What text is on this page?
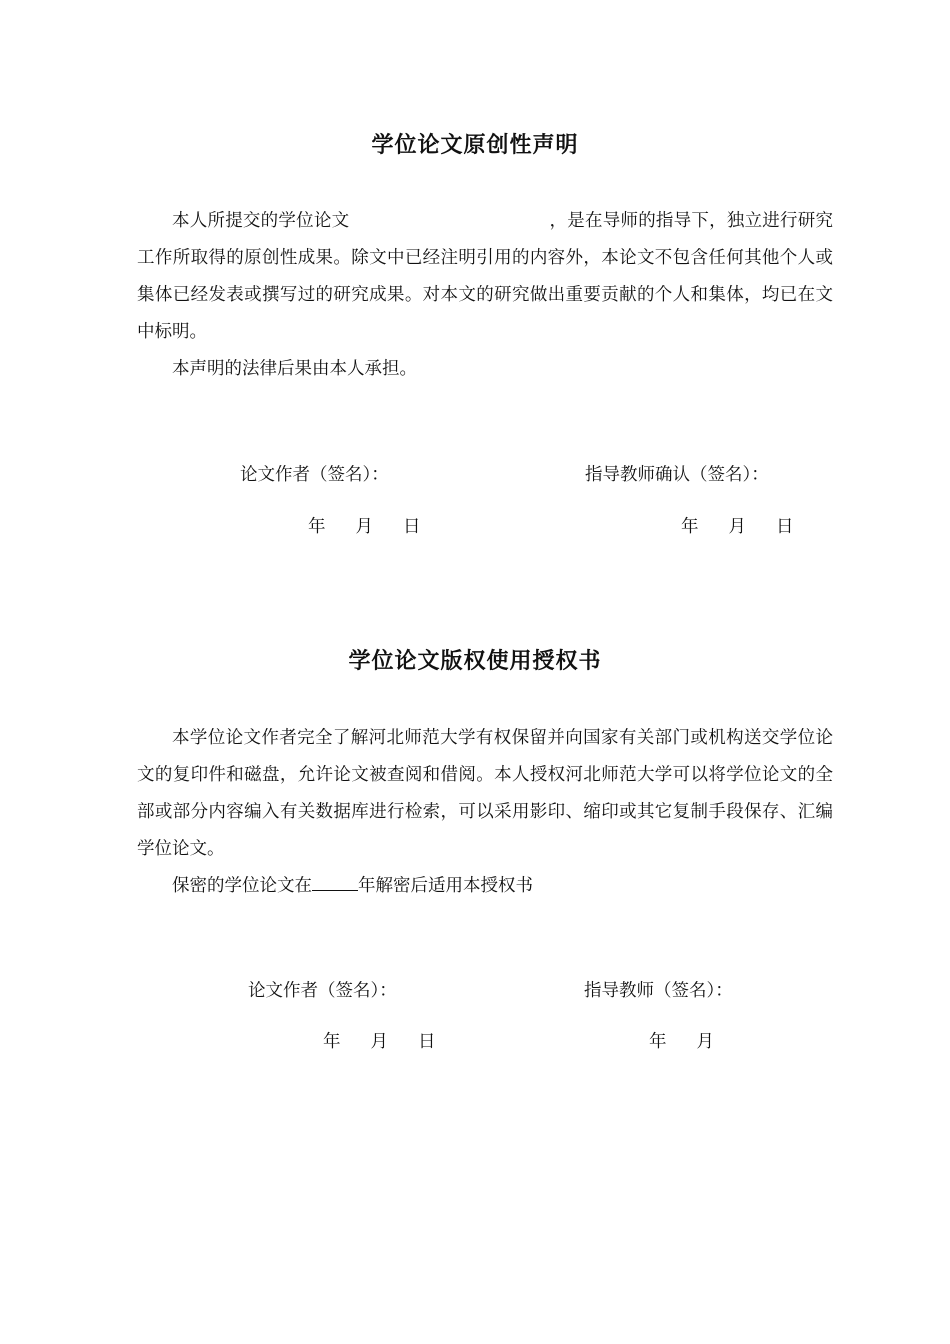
学位论文原创性声明

本人所提交的学位论文	，是在导师的指导下，独立进行研究工作所取得的原创性成果。除文中已经注明引用的内容外，本论文不包含任何其他个人或集体已经发表或撰写过的研究成果。对本文的研究做出重要贡献的个人和集体，均已在文中标明。

本声明的法律后果由本人承担。

论文作者（签名）：	指导教师确认（签名）：
年 月 日	年 月 日
学位论文版权使用授权书

本学位论文作者完全了解河北师范大学有权保留并向国家有关部门或机构送交学位论文的复印件和磁盘，允许论文被查阅和借阅。本人授权河北师范大学可以将学位论文的全部或部分内容编入有关数据库进行检索，可以采用影印、缩印或其它复制手段保存、汇编学位论文。

保密的学位论文在	年解密后适用本授权书

论文作者（签名）：	指导教师（签名）：
年 月 日	年 月
